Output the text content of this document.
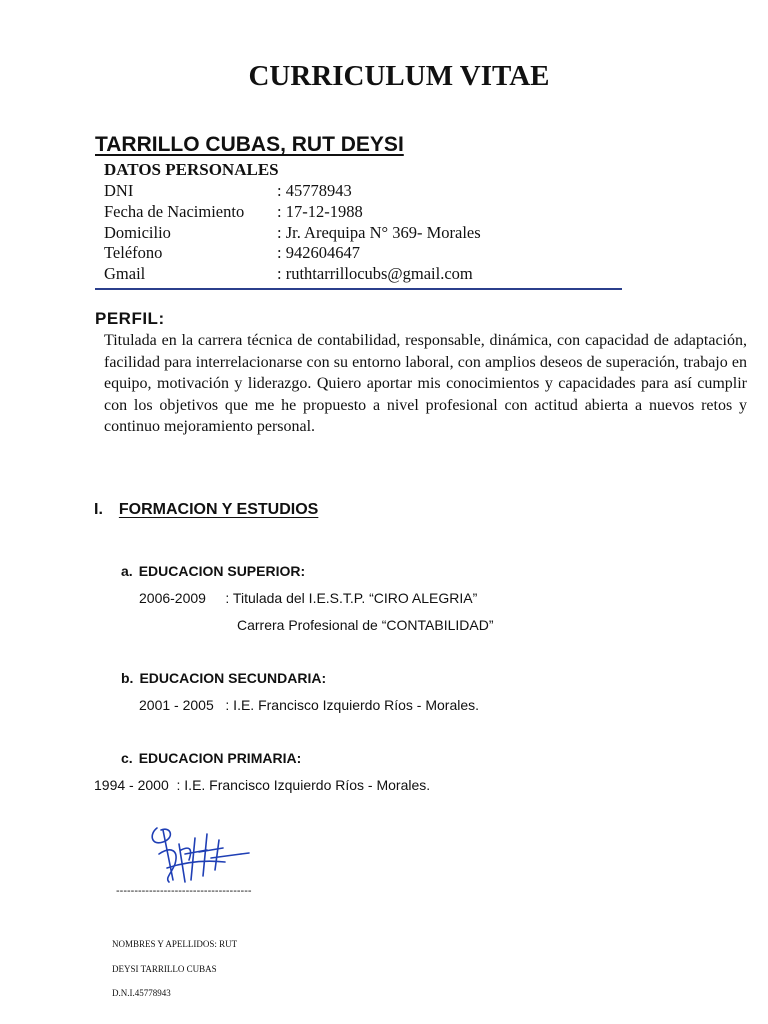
CURRICULUM VITAE
TARRILLO CUBAS, RUT DEYSI
DATOS PERSONALES
DNI	: 45778943
Fecha de Nacimiento : 17-12-1988
Domicilio	: Jr. Arequipa N° 369- Morales
Teléfono	: 942604647
Gmail	: ruthtarrillocubs@gmail.com
PERFIL:
Titulada en la carrera técnica de contabilidad, responsable, dinámica, con capacidad de adaptación, facilidad para interrelacionarse con su entorno laboral, con amplios deseos de superación, trabajo en equipo, motivación y liderazgo. Quiero aportar mis conocimientos y capacidades para así cumplir con los objetivos que me he propuesto a nivel profesional con actitud abierta a nuevos retos y continuo mejoramiento personal.
I. FORMACION Y ESTUDIOS
a. EDUCACION SUPERIOR:
2006-2009     : Titulada del I.E.S.T.P. “CIRO ALEGRIA”
Carrera Profesional de “CONTABILIDAD”
b. EDUCACION SECUNDARIA:
2001 - 2005   : I.E. Francisco Izquierdo Ríos - Morales.
c. EDUCACION PRIMARIA:
1994 - 2000  : I.E. Francisco Izquierdo Ríos - Morales.
-------------------------------------
NOMBRES Y APELLIDOS: RUT
DEYSI TARRILLO CUBAS
D.N.I.45778943
